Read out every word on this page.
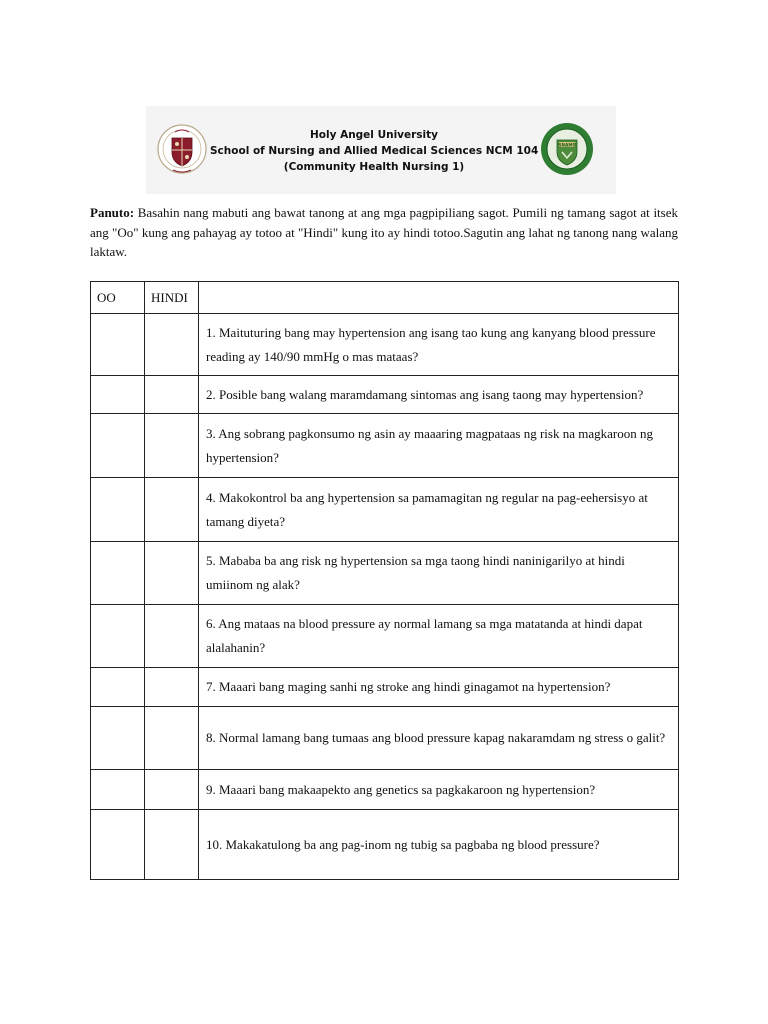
SNAMS
Holy Angel University
School of Nursing and Allied Medical Sciences NCM 104
(Community Health Nursing 1)
Panuto: Basahin nang mabuti ang bawat tanong at ang mga pagpipiliang sagot. Pumili ng tamang sagot at itsek ang "Oo" kung ang pahayag ay totoo at "Hindi" kung ito ay hindi totoo.Sagutin ang lahat ng tanong nang walang laktaw.
OO	HINDI	
		1. Maituturing bang may hypertension ang isang tao kung ang kanyang blood pressure reading ay 140/90 mmHg o mas mataas?
		2. Posible bang walang maramdamang sintomas ang isang taong may hypertension?
		3. Ang sobrang pagkonsumo ng asin ay maaaring magpataas ng risk na magkaroon ng hypertension?
		4. Makokontrol ba ang hypertension sa pamamagitan ng regular na pag-eehersisyo at tamang diyeta?
		5. Mababa ba ang risk ng hypertension sa mga taong hindi naninigarilyo at hindi umiinom ng alak?
		6. Ang mataas na blood pressure ay normal lamang sa mga matatanda at hindi dapat alalahanin?
		7. Maaari bang maging sanhi ng stroke ang hindi ginagamot na hypertension?
		8. Normal lamang bang tumaas ang blood pressure kapag nakaramdam ng stress o galit?
		9. Maaari bang makaapekto ang genetics sa pagkakaroon ng hypertension?
		10. Makakatulong ba ang pag-inom ng tubig sa pagbaba ng blood pressure?
